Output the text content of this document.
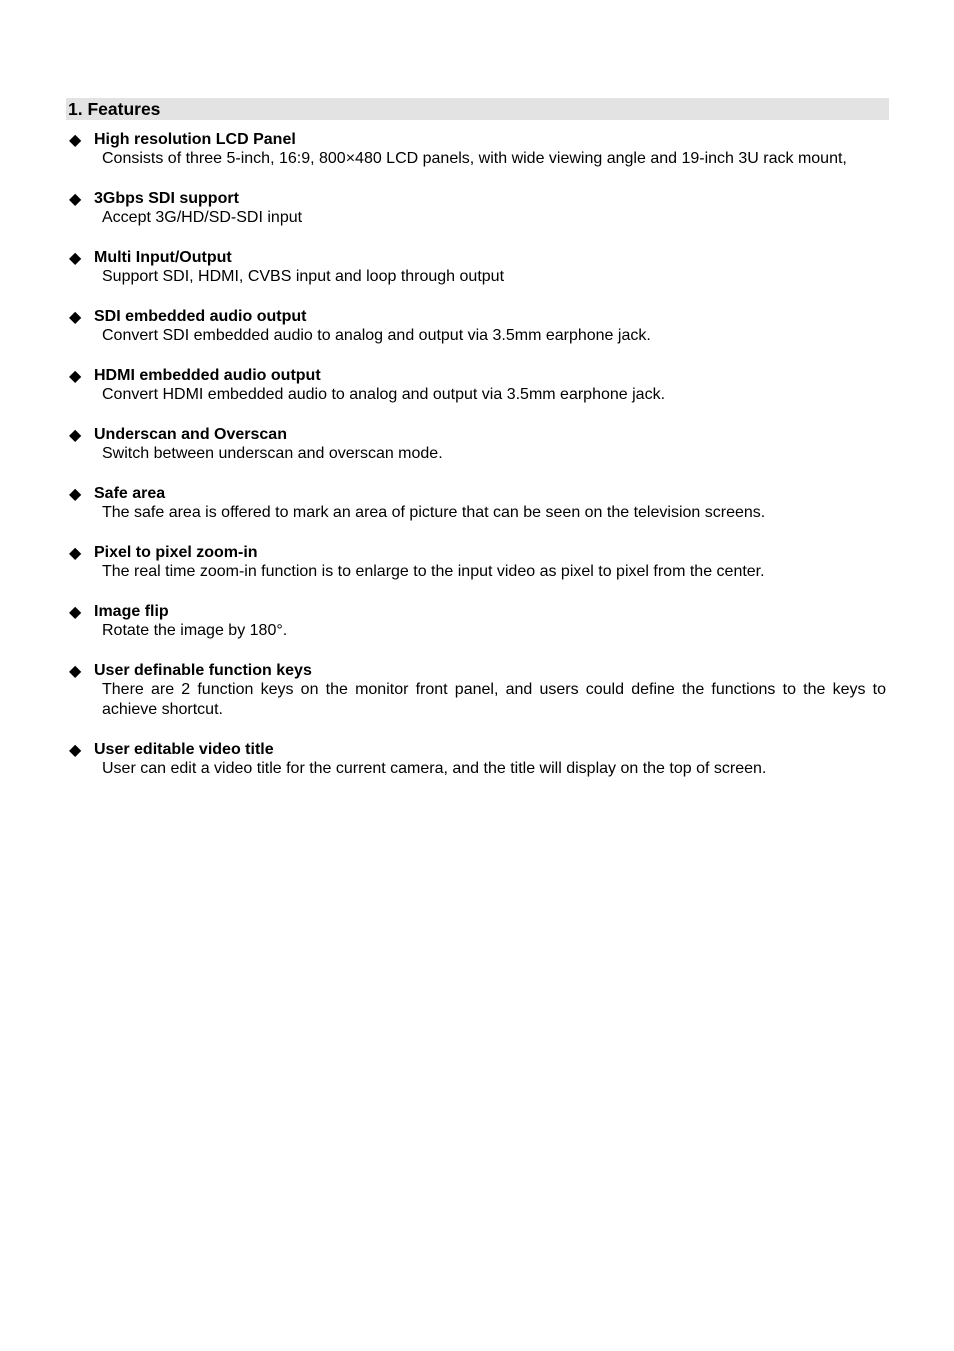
1. Features
◆ High resolution LCD Panel
Consists of three 5-inch, 16:9, 800×480 LCD panels, with wide viewing angle and 19-inch 3U rack mount,
◆ 3Gbps SDI support
Accept 3G/HD/SD-SDI input
◆ Multi Input/Output
Support SDI, HDMI, CVBS input and loop through output
◆ SDI embedded audio output
Convert SDI embedded audio to analog and output via 3.5mm earphone jack.
◆ HDMI embedded audio output
Convert HDMI embedded audio to analog and output via 3.5mm earphone jack.
◆ Underscan and Overscan
Switch between underscan and overscan mode.
◆ Safe area
The safe area is offered to mark an area of picture that can be seen on the television screens.
◆ Pixel to pixel zoom-in
The real time zoom-in function is to enlarge to the input video as pixel to pixel from the center.
◆ Image flip
Rotate the image by 180°.
◆ User definable function keys
There are 2 function keys on the monitor front panel, and users could define the functions to the keys to achieve shortcut.
◆ User editable video title
User can edit a video title for the current camera, and the title will display on the top of screen.
